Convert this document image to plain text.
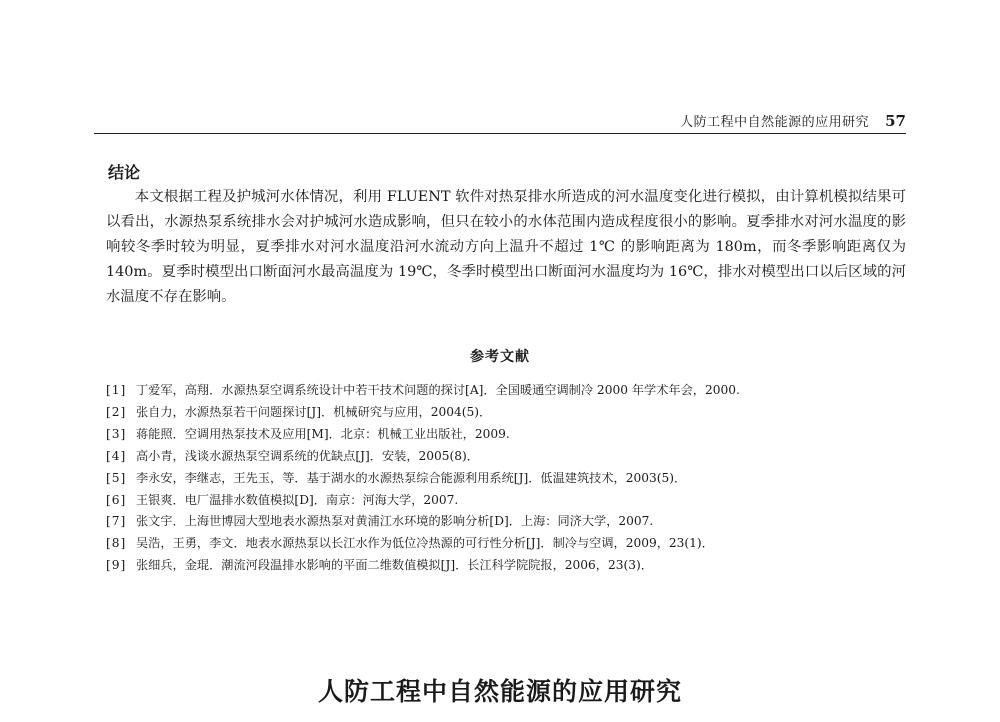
人防工程中自然能源的应用研究 57
结论

本文根据工程及护城河水体情况，利用 FLUENT 软件对热泵排水所造成的河水温度变化进行模拟，由计算机模拟结果可以看出，水源热泵系统排水会对护城河水造成影响，但只在较小的水体范围内造成程度很小的影响。夏季排水对河水温度的影响较冬季时较为明显，夏季排水对河水温度沿河水流动方向上温升不超过 1℃ 的影响距离为 180m，而冬季影响距离仅为 140m。夏季时模型出口断面河水最高温度为 19℃，冬季时模型出口断面河水温度均为 16℃，排水对模型出口以后区域的河水温度不存在影响。

参考文献
[1] 丁爱军，高翔．水源热泵空调系统设计中若干技术问题的探讨[A]．全国暖通空调制冷 2000 年学术年会，2000.
[2] 张自力，水源热泵若干问题探讨[J]．机械研究与应用，2004(5)．
[3] 蒋能照．空调用热泵技术及应用[M]．北京：机械工业出版社，2009.
[4] 高小青，浅谈水源热泵空调系统的优缺点[J]．安装，2005(8)．
[5] 李永安，李继志，王先玉，等．基于湖水的水源热泵综合能源利用系统[J]．低温建筑技术，2003(5)．
[6] 王银爽．电厂温排水数值模拟[D]．南京：河海大学，2007.
[7] 张文宇．上海世博园大型地表水源热泵对黄浦江水环境的影响分析[D]．上海：同济大学，2007.
[8] 吴浩，王勇，李文．地表水源热泵以长江水作为低位冷热源的可行性分析[J]．制冷与空调，2009，23(1)．
[9] 张细兵，金琨．潮流河段温排水影响的平面二维数值模拟[J]．长江科学院院报，2006，23(3)．
人防工程中自然能源的应用研究
